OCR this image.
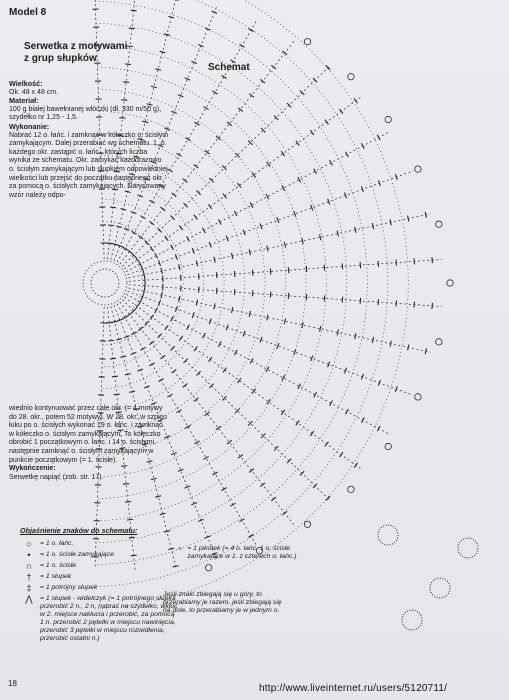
Model 8
Serwetka z motywami
z grup słupków
Schemat

Wielkość:

Ok. 48 x 48 cm.

Materiał:

100 g białej bawełnianej włóczki (dł. 330 m/50 g), szydełko nr 1,25 - 1,5.

Wykonanie:

Nabrać 12 o. łańc. i zamknąć w kółeczko o. ścisłym zamykającym. Dalej przerabiać wg schematu. 1. o. każdego okr. zastąpić o. łańc., których liczba wynika ze schematu. Okr. zamykać każdorazowo o. ścisłym zamykającym lub słupkiem odpowiedniej wielkości lub przejść do początku następnego okr. za pomocą o. ścisłych zamykających. Narysowany wzór należy odpo-

wiednio kontynuować przez całe okr. (= 4 motywy do 28. okr., potem 52 motywy). W 28. okr. w szpicu łuku po o. ścisłych wykonać 19 o. łańc. i zamknąć w kółeczko o. ścisłym zamykającym. To kółeczko obrobić 1 początkowym o. łańc. i 14 o. ścisłymi, następnie zamknąć o. ścisłym zamykającym w punkcie początkowym (= 1. ścisłe).

Wykończenie:

Serwetkę napiąć (zob. str. 17).

Objaśnienie znaków do schematu:
○	= 1 o. łańc.
•	= 1 o. ścisłe zamykające
∩	= 1 o. ścisłe
†	= 1 słupek
‡	= 1 potrójny słupek
⋀	= 1 słupek - widełczyk (= 1 potrójnego słupka przerobić 2 n., 2 n. nabrać na szydełko, wkłuć w 2. miejsce nakłucia i przerobić, za pomocą 1 n. przerobić 2 pętelki w miejscu nawinięcia, przerobić 3 pętelki w miejscu rozwidlenia, przerobić ostatni n.)
ဝ = 1 pikotek (= 4 o. łańc. 1 o. ścisłe zamykające w 1. z czterech o. łańc.)
Jeśli znaki zbiegają się u góry, to przerabiamy je razem, jeśli zbiegają się na dole, to przerabiamy je w jednym o.
18	http://www.liveinternet.ru/users/5120711/
